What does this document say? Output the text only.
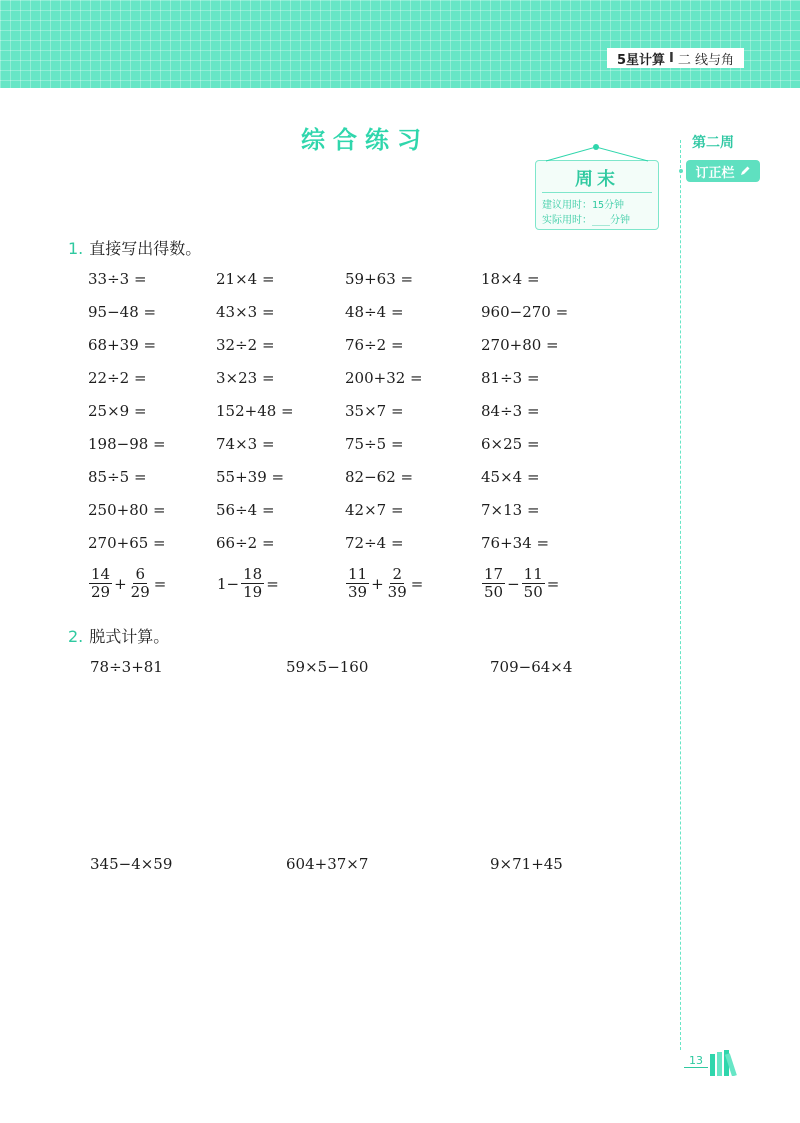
5星计算 I 二 线与角
综合练习
周末
建议用时：15分钟
实际用时：___分钟
第二周
订正栏
1. 直接写出得数。
33÷3 =	21×4 =	59+63 =	18×4 =
95−48 =	43×3 =	48÷4 =	960−270 =
68+39 =	32÷2 =	76÷2 =	270+80 =
22÷2 =	3×23 =	200+32 =	81÷3 =
25×9 =	152+48 =	35×7 =	84÷3 =
198−98 =	74×3 =	75÷5 =	6×25 =
85÷5 =	55+39 =	82−62 =	45×4 =
250+80 =	56÷4 =	42×7 =	7×13 =
270+65 =	66÷2 =	72÷4 =	76+34 =
$\frac{14}{29} + \frac{6}{29}$ =	$1- \frac{18}{19}$ =	$\frac{11}{39} + \frac{2}{39}$ =	$\frac{17}{50} - \frac{11}{50}$ =
2. 脱式计算。
78÷3+81	59×5−160	709−64×4
345−4×59	604+37×7	9×71+45
13
